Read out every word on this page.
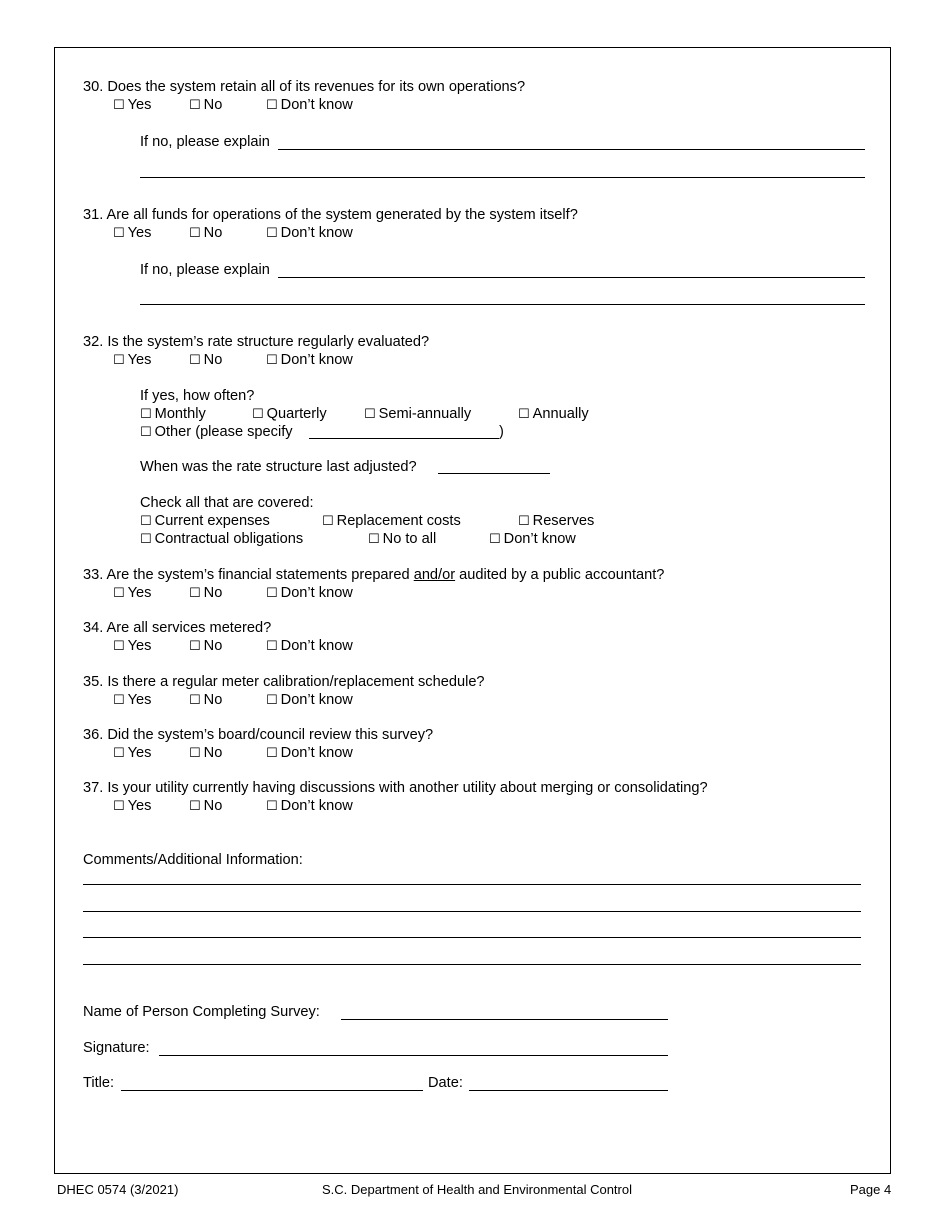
30. Does the system retain all of its revenues for its own operations?
☐ Yes	☐ No	☐ Don’t know
If no, please explain
31. Are all funds for operations of the system generated by the system itself?
☐ Yes	☐ No	☐ Don’t know
If no, please explain
32. Is the system’s rate structure regularly evaluated?
☐ Yes	☐ No	☐ Don’t know
If yes, how often?
☐ Monthly	☐ Quarterly	☐ Semi-annually	☐ Annually
☐ Other (please specify	)
When was the rate structure last adjusted?
Check all that are covered:
☐ Current expenses	☐ Replacement costs	☐ Reserves
☐ Contractual obligations	☐ No to all	☐ Don’t know
33. Are the system’s financial statements prepared and/or audited by a public accountant?
☐ Yes	☐ No	☐ Don’t know
34. Are all services metered?
☐ Yes	☐ No	☐ Don’t know
35. Is there a regular meter calibration/replacement schedule?
☐ Yes	☐ No	☐ Don’t know
36. Did the system’s board/council review this survey?
☐ Yes	☐ No	☐ Don’t know
37. Is your utility currently having discussions with another utility about merging or consolidating?
☐ Yes	☐ No	☐ Don’t know
Comments/Additional Information:
Name of Person Completing Survey:
Signature:
Title:	Date:
DHEC 0574 (3/2021)	S.C. Department of Health and Environmental Control	Page 4
